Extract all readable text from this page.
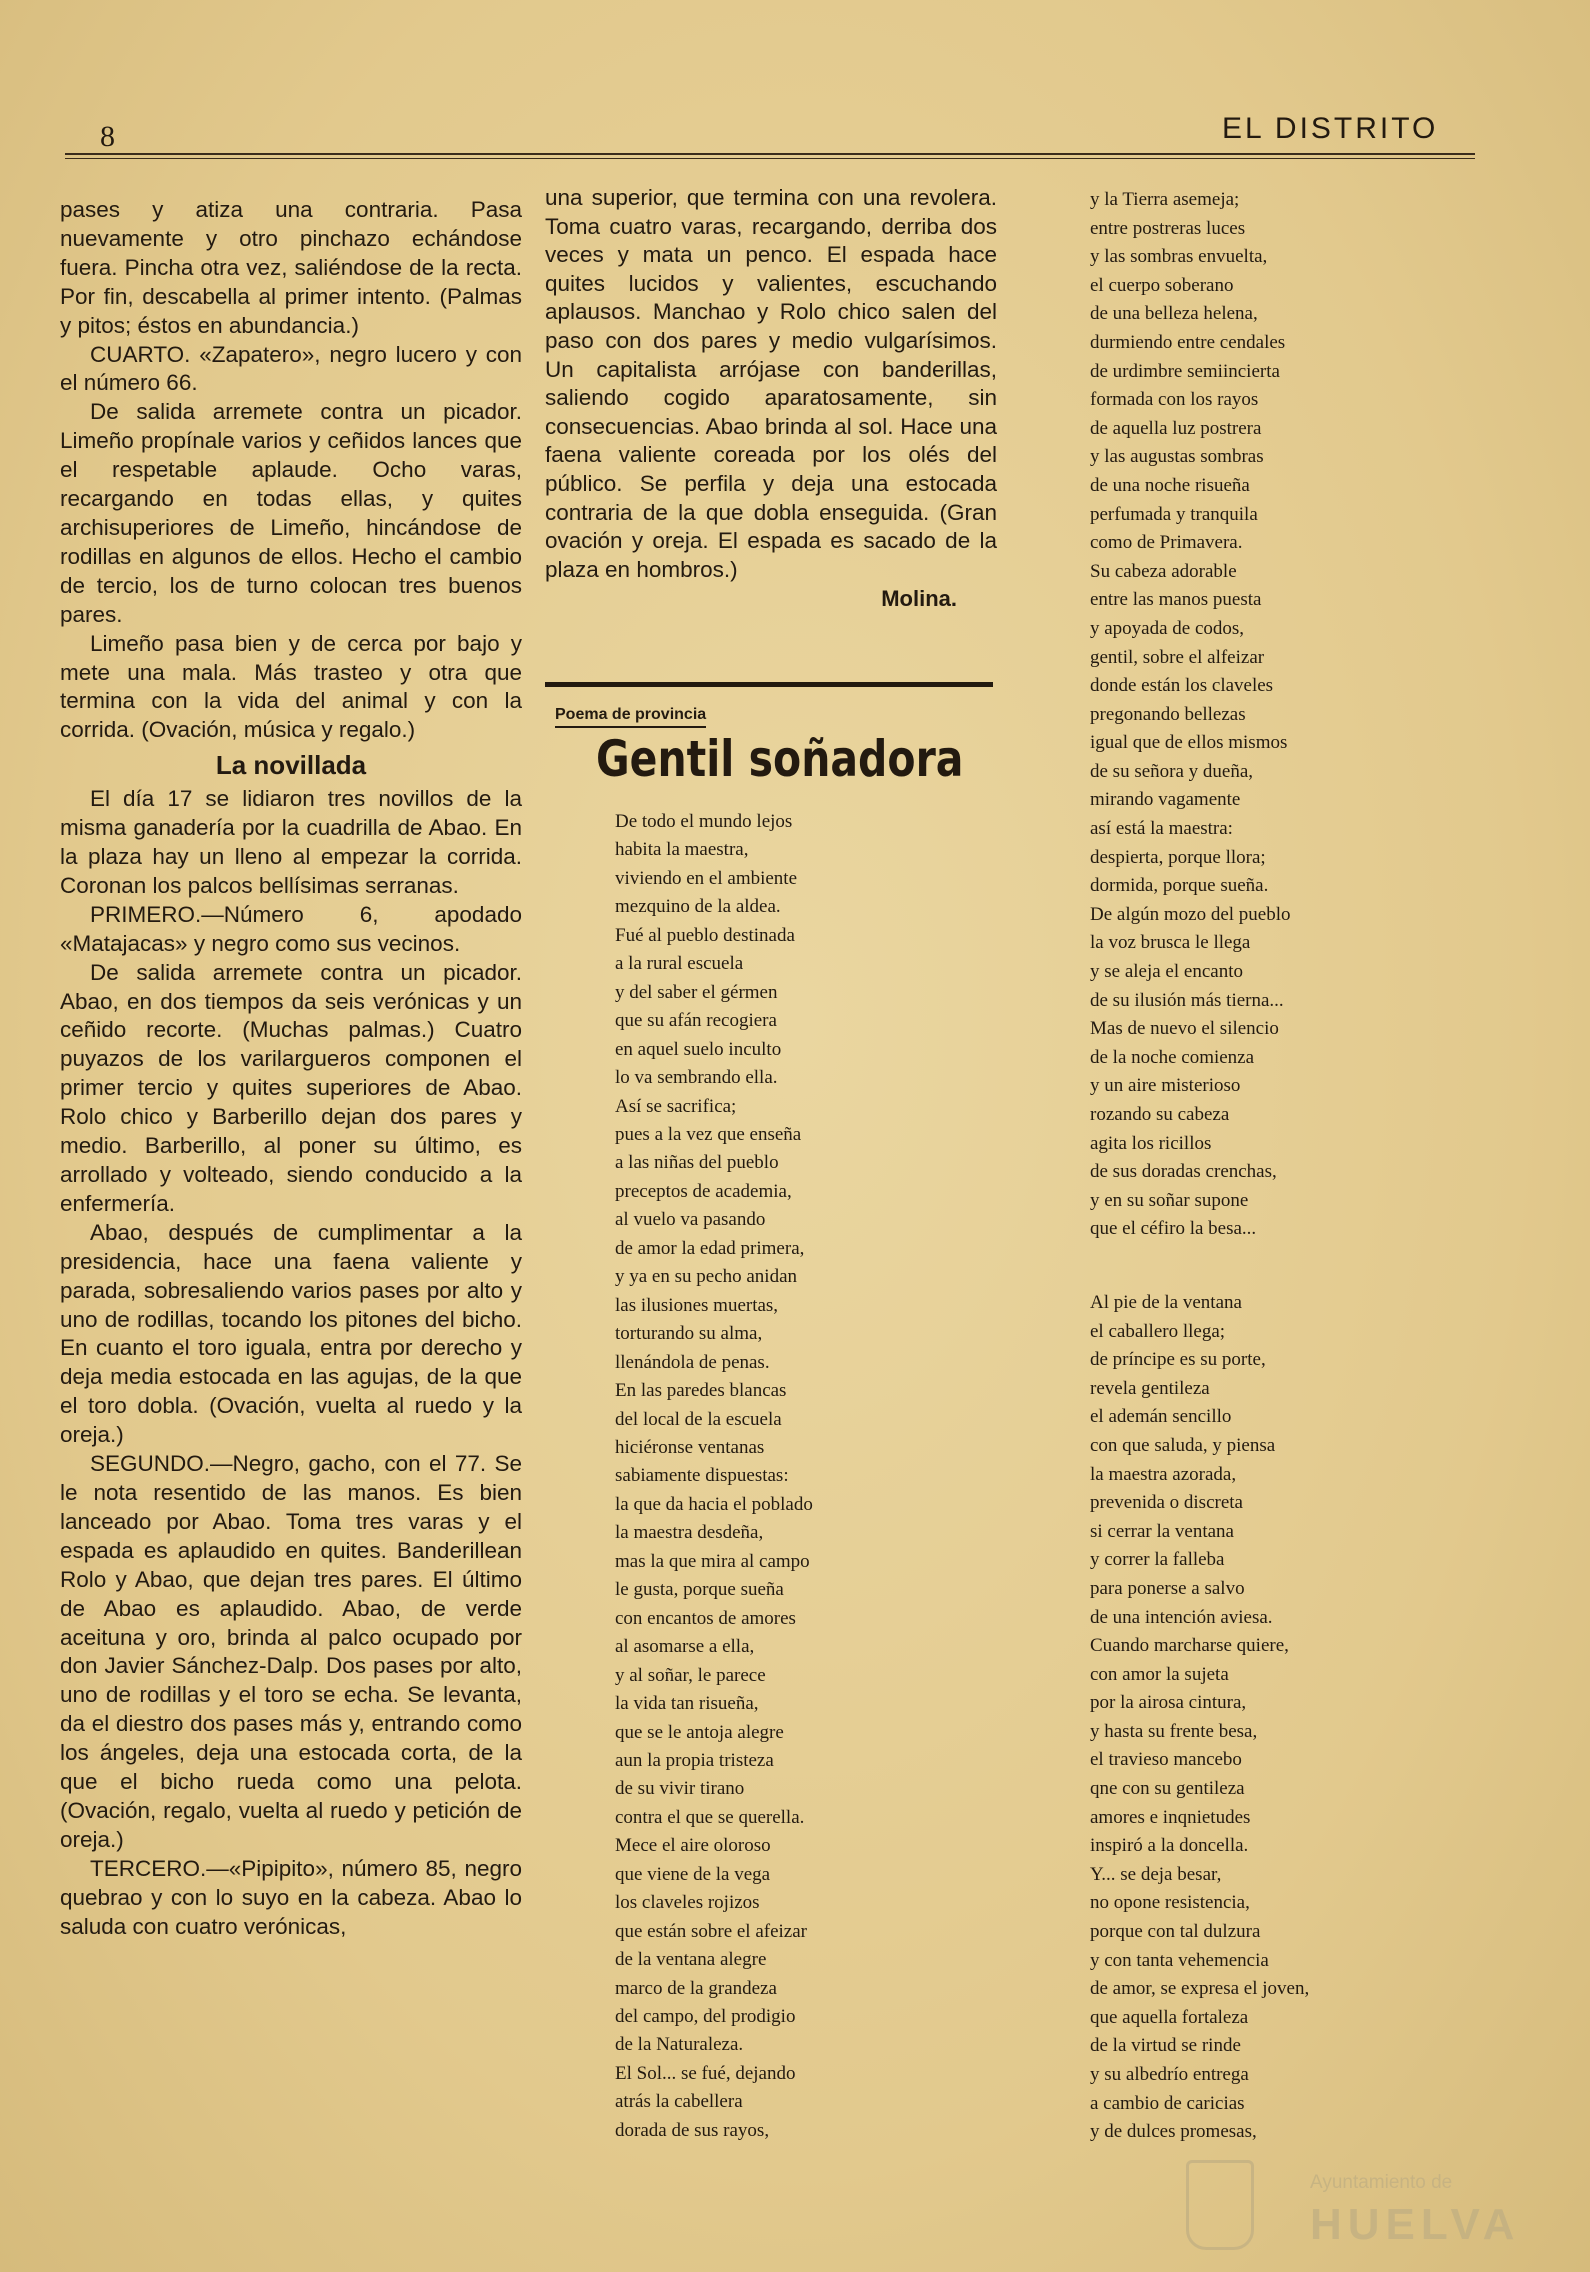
8	EL DISTRITO

pases y atiza una contraria. Pasa nuevamente y otro pinchazo echándose fuera. Pincha otra vez, saliéndose de la recta. Por fin, descabella al primer intento. (Palmas y pitos; éstos en abundancia.)

CUARTO. «Zapatero», negro lucero y con el número 66.

De salida arremete contra un picador. Limeño propínale varios y ceñidos lances que el respetable aplaude. Ocho varas, recargando en todas ellas, y quites archisuperiores de Limeño, hincándose de rodillas en algunos de ellos. Hecho el cambio de tercio, los de turno colocan tres buenos pares.

Limeño pasa bien y de cerca por bajo y mete una mala. Más trasteo y otra que termina con la vida del animal y con la corrida. (Ovación, música y regalo.)

La novillada

El día 17 se lidiaron tres novillos de la misma ganadería por la cuadrilla de Abao. En la plaza hay un lleno al empezar la corrida. Coronan los palcos bellísimas serranas.

PRIMERO.—Número 6, apodado «Matajacas» y negro como sus vecinos.

De salida arremete contra un picador. Abao, en dos tiempos da seis verónicas y un ceñido recorte. (Muchas palmas.) Cuatro puyazos de los varilargueros componen el primer tercio y quites superiores de Abao. Rolo chico y Barberillo dejan dos pares y medio. Barberillo, al poner su último, es arrollado y volteado, siendo conducido a la enfermería.

Abao, después de cumplimentar a la presidencia, hace una faena valiente y parada, sobresaliendo varios pases por alto y uno de rodillas, tocando los pitones del bicho. En cuanto el toro iguala, entra por derecho y deja media estocada en las agujas, de la que el toro dobla. (Ovación, vuelta al ruedo y la oreja.)

SEGUNDO.—Negro, gacho, con el 77. Se le nota resentido de las manos. Es bien lanceado por Abao. Toma tres varas y el espada es aplaudido en quites. Banderillean Rolo y Abao, que dejan tres pares. El último de Abao es aplaudido. Abao, de verde aceituna y oro, brinda al palco ocupado por don Javier Sánchez-Dalp. Dos pases por alto, uno de rodillas y el toro se echa. Se levanta, da el diestro dos pases más y, entrando como los ángeles, deja una estocada corta, de la que el bicho rueda como una pelota. (Ovación, regalo, vuelta al ruedo y petición de oreja.)

TERCERO.—«Pipipito», número 85, negro quebrao y con lo suyo en la cabeza. Abao lo saluda con cuatro verónicas,

una superior, que termina con una revolera. Toma cuatro varas, recargando, derriba dos veces y mata un penco. El espada hace quites lucidos y valientes, escuchando aplausos. Manchao y Rolo chico salen del paso con dos pares y medio vulgarísimos. Un capitalista arrójase con banderillas, saliendo cogido aparatosamente, sin consecuencias. Abao brinda al sol. Hace una faena valiente coreada por los olés del público. Se perfila y deja una estocada contraria de la que dobla enseguida. (Gran ovación y oreja. El espada es sacado de la plaza en hombros.)

Molina.
Poema de provincia
Gentil soñadora
De todo el mundo lejos
habita la maestra,
viviendo en el ambiente
mezquino de la aldea.
Fué al pueblo destinada
a la rural escuela
y del saber el gérmen
que su afán recogiera
en aquel suelo inculto
lo va sembrando ella.
Así se sacrifica;
pues a la vez que enseña
a las niñas del pueblo
preceptos de academia,
al vuelo va pasando
de amor la edad primera,
y ya en su pecho anidan
las ilusiones muertas,
torturando su alma,
llenándola de penas.
En las paredes blancas
del local de la escuela
hiciéronse ventanas
sabiamente dispuestas:
la que da hacia el poblado
la maestra desdeña,
mas la que mira al campo
le gusta, porque sueña
con encantos de amores
al asomarse a ella,
y al soñar, le parece
la vida tan risueña,
que se le antoja alegre
aun la propia tristeza
de su vivir tirano
contra el que se querella.
Mece el aire oloroso
que viene de la vega
los claveles rojizos
que están sobre el afeizar
de la ventana alegre
marco de la grandeza
del campo, del prodigio
de la Naturaleza.
El Sol... se fué, dejando
atrás la cabellera
dorada de sus rayos,
y la Tierra asemeja;
entre postreras luces
y las sombras envuelta,
el cuerpo soberano
de una belleza helena,
durmiendo entre cendales
de urdimbre semiincierta
formada con los rayos
de aquella luz postrera
y las augustas sombras
de una noche risueña
perfumada y tranquila
como de Primavera.
Su cabeza adorable
entre las manos puesta
y apoyada de codos,
gentil, sobre el alfeizar
donde están los claveles
pregonando bellezas
igual que de ellos mismos
de su señora y dueña,
mirando vagamente
así está la maestra:
despierta, porque llora;
dormida, porque sueña.
De algún mozo del pueblo
la voz brusca le llega
y se aleja el encanto
de su ilusión más tierna...
Mas de nuevo el silencio
de la noche comienza
y un aire misterioso
rozando su cabeza
agita los ricillos
de sus doradas crenchas,
y en su soñar supone
que el céfiro la besa...
Al pie de la ventana
el caballero llega;
de príncipe es su porte,
revela gentileza
el ademán sencillo
con que saluda, y piensa
la maestra azorada,
prevenida o discreta
si cerrar la ventana
y correr la falleba
para ponerse a salvo
de una intención aviesa.
Cuando marcharse quiere,
con amor la sujeta
por la airosa cintura,
y hasta su frente besa,
el travieso mancebo
qne con su gentileza
amores e inqnietudes
inspiró a la doncella.
Y... se deja besar,
no opone resistencia,
porque con tal dulzura
y con tanta vehemencia
de amor, se expresa el joven,
que aquella fortaleza
de la virtud se rinde
y su albedrío entrega
a cambio de caricias
y de dulces promesas,
Ayuntamiento de
HUELVA
